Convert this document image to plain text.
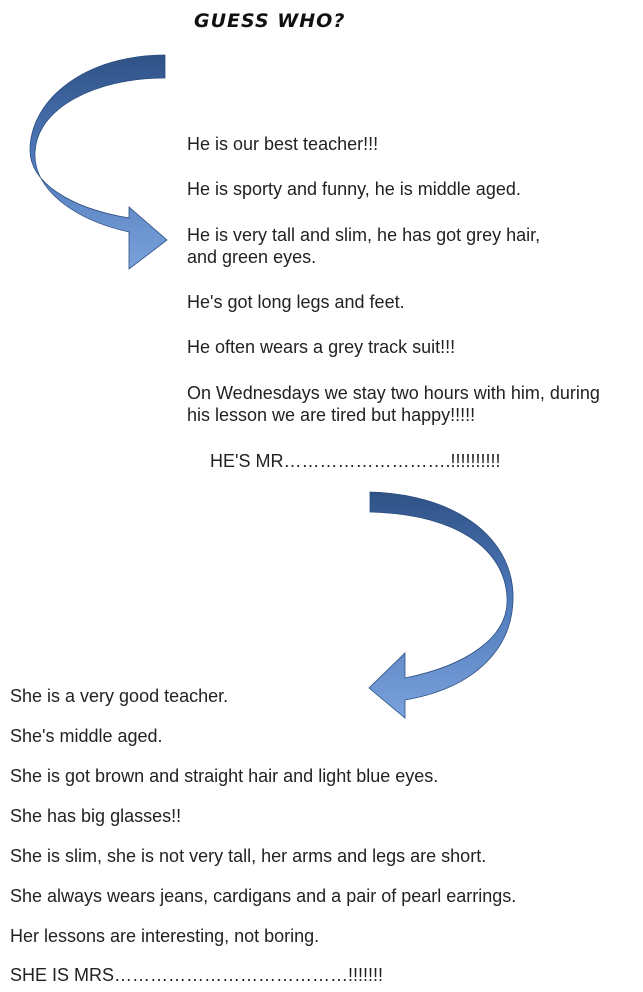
GUESS WHO?
He is our best teacher!!!
He is sporty and funny, he is middle aged.
He is very tall and slim, he has got grey hair,
and green eyes.
He's got long legs and feet.
He often wears a grey track suit!!!
On Wednesdays we stay two hours with him, during
his lesson we are tired but happy!!!!!
HE'S MR……………………….!!!!!!!!!!
She is a very good teacher.
She's middle aged.
She is got brown and straight hair and light blue eyes.
She has big glasses!!
She is slim, she is not very tall, her arms and legs are short.
She always wears jeans, cardigans and a pair of pearl earrings.
Her lessons are interesting, not boring.
SHE IS MRS…………………………………!!!!!!!
